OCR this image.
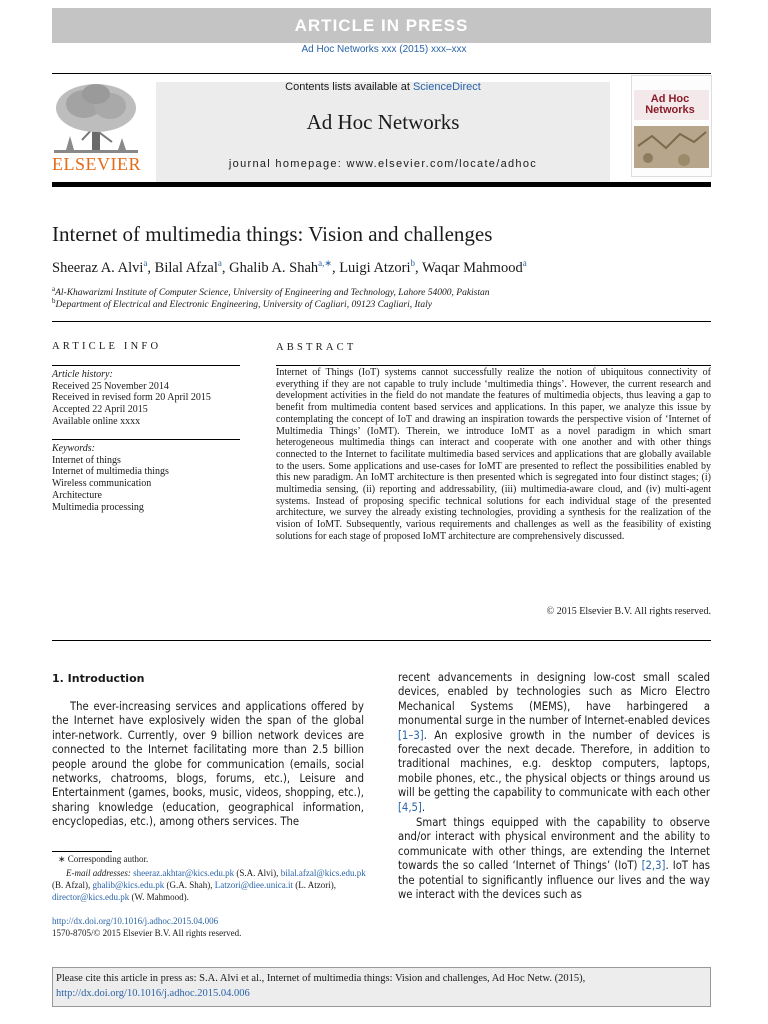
ARTICLE IN PRESS
Ad Hoc Networks xxx (2015) xxx–xxx
ELSEVIER
Contents lists available at ScienceDirect
Ad Hoc Networks
journal homepage: www.elsevier.com/locate/adhoc
Ad Hoc Networks
Internet of multimedia things: Vision and challenges
Sheeraz A. Alvi$^a$, Bilal Afzal$^a$, Ghalib A. Shah$^{a,∗}$, Luigi Atzori$^b$, Waqar Mahmood$^a$
$^a$Al-Khawarizmi Institute of Computer Science, University of Engineering and Technology, Lahore 54000, Pakistan
$^b$Department of Electrical and Electronic Engineering, University of Cagliari, 09123 Cagliari, Italy
ARTICLE INFO
Article history:
Received 25 November 2014
Received in revised form 20 April 2015
Accepted 22 April 2015
Available online xxxx
Keywords:
Internet of things
Internet of multimedia things
Wireless communication
Architecture
Multimedia processing
ABSTRACT
Internet of Things (IoT) systems cannot successfully realize the notion of ubiquitous connectivity of everything if they are not capable to truly include ‘multimedia things’. However, the current research and development activities in the field do not mandate the features of multimedia objects, thus leaving a gap to benefit from multimedia content based services and applications. In this paper, we analyze this issue by contemplating the concept of IoT and drawing an inspiration towards the perspective vision of ‘Internet of Multimedia Things’ (IoMT). Therein, we introduce IoMT as a novel paradigm in which smart heterogeneous multimedia things can interact and cooperate with one another and with other things connected to the Internet to facilitate multimedia based services and applications that are globally available to the users. Some applications and use-cases for IoMT are presented to reflect the possibilities enabled by this new paradigm. An IoMT architecture is then presented which is segregated into four distinct stages; (i) multimedia sensing, (ii) reporting and addressability, (iii) multimedia-aware cloud, and (iv) multi-agent systems. Instead of proposing specific technical solutions for each individual stage of the presented architecture, we survey the already existing technologies, providing a synthesis for the realization of the vision of IoMT. Subsequently, various requirements and challenges as well as the feasibility of existing solutions for each stage of proposed IoMT architecture are comprehensively discussed.
© 2015 Elsevier B.V. All rights reserved.
1. Introduction
The ever-increasing services and applications offered by the Internet have explosively widen the span of the global inter-network. Currently, over 9 billion network devices are connected to the Internet facilitating more than 2.5 billion people around the globe for communication (emails, social networks, chatrooms, blogs, forums, etc.), Leisure and Entertainment (games, books, music, videos, shopping, etc.), sharing knowledge (education, geographical information, encyclopedias, etc.), among others services. The
recent advancements in designing low-cost small scaled devices, enabled by technologies such as Micro Electro Mechanical Systems (MEMS), have harbingered a monumental surge in the number of Internet-enabled devices [1–3]. An explosive growth in the number of devices is forecasted over the next decade. Therefore, in addition to traditional machines, e.g. desktop computers, laptops, mobile phones, etc., the physical objects or things around us will be getting the capability to communicate with each other [4,5].
Smart things equipped with the capability to observe and/or interact with physical environment and the ability to communicate with other things, are extending the Internet towards the so called ‘Internet of Things’ (IoT) [2,3]. IoT has the potential to significantly influence our lives and the way we interact with the devices such as
∗ Corresponding author.
E-mail addresses: sheeraz.akhtar@kics.edu.pk (S.A. Alvi), bilal.afzal@kics.edu.pk (B. Afzal), ghalib@kics.edu.pk (G.A. Shah), Latzori@diee.unica.it (L. Atzori), director@kics.edu.pk (W. Mahmood).
http://dx.doi.org/10.1016/j.adhoc.2015.04.006
1570-8705/© 2015 Elsevier B.V. All rights reserved.
Please cite this article in press as: S.A. Alvi et al., Internet of multimedia things: Vision and challenges, Ad Hoc Netw. (2015), http://dx.doi.org/10.1016/j.adhoc.2015.04.006
